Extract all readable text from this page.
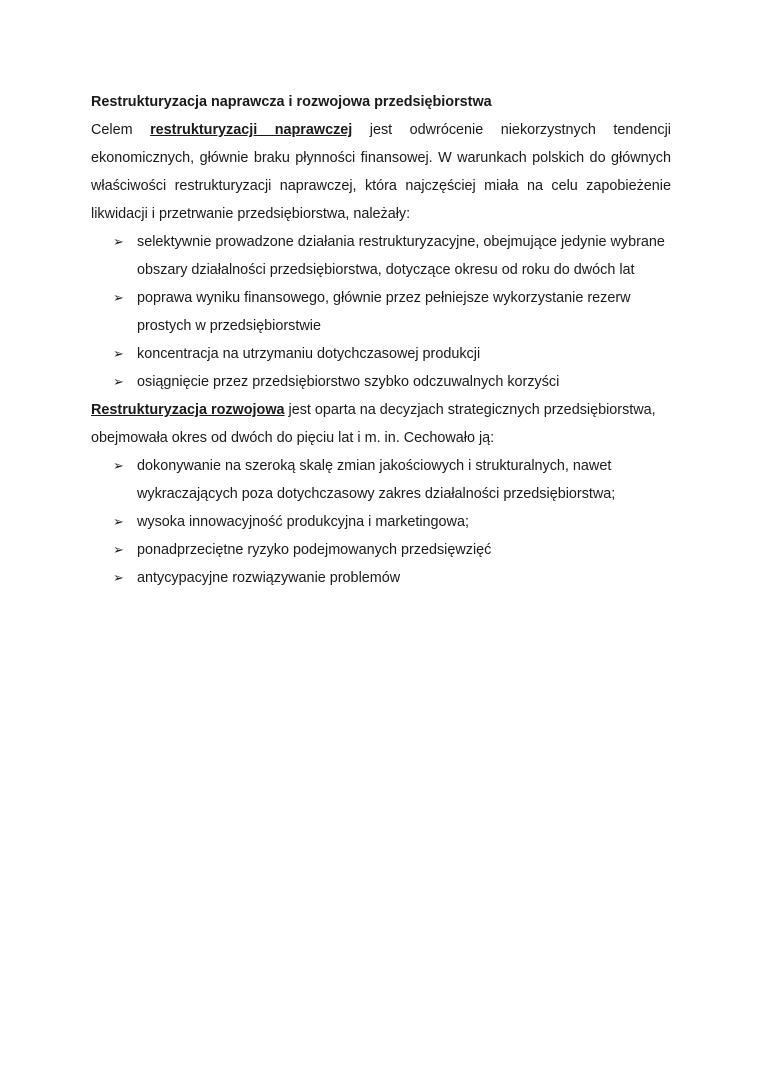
Restrukturyzacja naprawcza i rozwojowa przedsiębiorstwa

Celem restrukturyzacji naprawczej jest odwrócenie niekorzystnych tendencji ekonomicznych, głównie braku płynności finansowej. W warunkach polskich do głównych właściwości restrukturyzacji naprawczej, która najczęściej miała na celu zapobieżenie likwidacji i przetrwanie przedsiębiorstwa, należały:

➢ selektywnie prowadzone działania restrukturyzacyjne, obejmujące jedynie wybrane obszary działalności przedsiębiorstwa, dotyczące okresu od roku do dwóch lat
➢ poprawa wyniku finansowego, głównie przez pełniejsze wykorzystanie rezerw prostych w przedsiębiorstwie
➢ koncentracja na utrzymaniu dotychczasowej produkcji
➢ osiągnięcie przez przedsiębiorstwo szybko odczuwalnych korzyści

Restrukturyzacja rozwojowa jest oparta na decyzjach strategicznych przedsiębiorstwa, obejmowała okres od dwóch do pięciu lat i m. in. Cechowało ją:

➢ dokonywanie na szeroką skalę zmian jakościowych i strukturalnych, nawet wykraczających poza dotychczasowy zakres działalności przedsiębiorstwa;
➢ wysoka innowacyjność produkcyjna i marketingowa;
➢ ponadprzeciętne ryzyko podejmowanych przedsięwzięć
➢ antycypacyjne rozwiązywanie problemów
